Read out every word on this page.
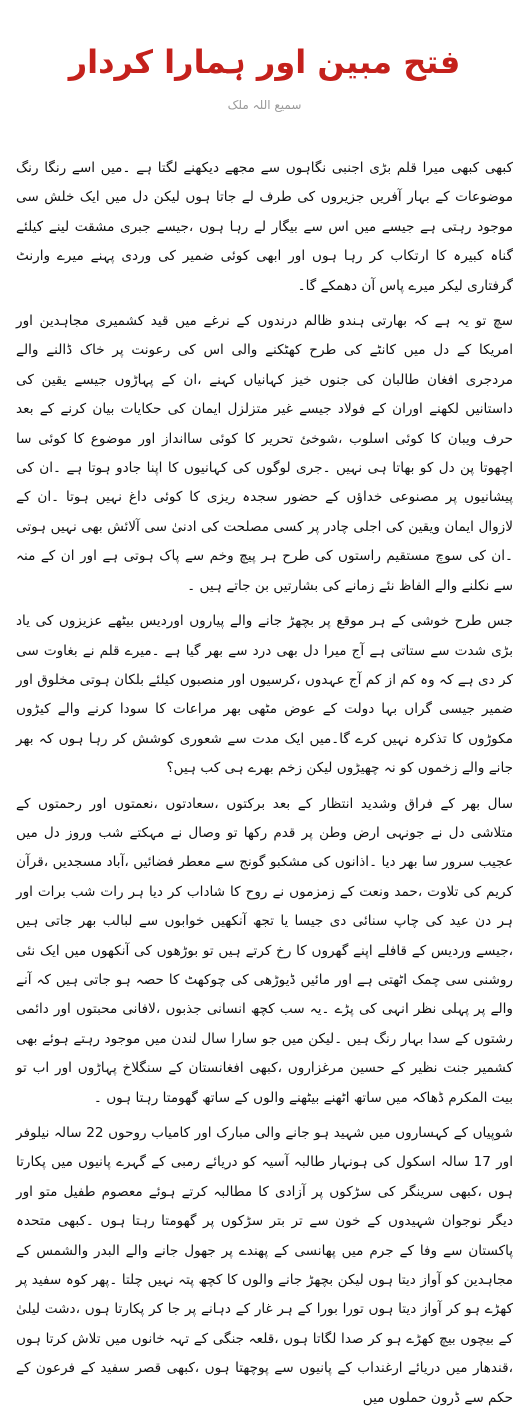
فتح مبین اور ہمارا کردار
سمیع اللہ ملک

کبھی کبھی میرا قلم بڑی اجنبی نگاہوں سے مجھے دیکھنے لگتا ہے ۔میں اسے رنگا رنگ موضوعات کے بہار آفریں جزیروں کی طرف لے جاتا ہوں لیکن دل میں ایک خلش سی موجود رہتی ہے جیسے میں اس سے بیگار لے رہا ہوں ،جیسے جبری مشقت لینے کیلئے گناہ کبیرہ کا ارتکاب کر رہا ہوں اور ابھی کوئی ضمیر کی وردی پہنے میرے وارنٹ گرفتاری لیکر میرے پاس آن دھمکے گا۔

سچ تو یہ ہے کہ بھارتی ہندو ظالم درندوں کے نرغے میں قید کشمیری مجاہدین اور امریکا کے دل میں کانٹے کی طرح کھٹکنے والی اس کی رعونت پر خاک ڈالنے والے مردجری افغان طالبان کی جنوں خیز کہانیاں کہنے ،ان کے پہاڑوں جیسے یقین کی داستانیں لکھنے اوران کے فولاد جیسے غیر متزلزل ایمان کی حکایات بیان کرنے کے بعد حرف ویبان کا کوئی اسلوب ،شوخئ تحریر کا کوئی ساانداز اور موضوع کا کوئی سا اچھوتا پن دل کو بھاتا ہی نہیں ۔جری لوگوں کی کہانیوں کا اپنا جادو ہوتا ہے ۔ان کی پیشانیوں پر مصنوعی خداؤں کے حضور سجدہ ریزی کا کوئی داغ نہیں ہوتا ۔ان کے لازوال ایمان ویقین کی اجلی چادر پر کسی مصلحت کی ادنیٰ سی آلائش بھی نہیں ہوتی ۔ان کی سوچ مستقیم راستوں کی طرح ہر پیچ وخم سے پاک ہوتی ہے اور ان کے منہ سے نکلنے والے الفاظ نئے زمانے کی بشارتیں بن جاتے ہیں ۔

جس طرح خوشی کے ہر موقع پر بچھڑ جانے والے پیاروں اوردیس بیٹھے عزیزوں کی یاد بڑی شدت سے ستاتی ہے آج میرا دل بھی درد سے بھر گیا ہے ۔میرے قلم نے بغاوت سی کر دی ہے کہ وہ کم از کم آج عہدوں ،کرسیوں اور منصبوں کیلئے بلکان ہوتی مخلوق اور ضمیر جیسی گراں بہا دولت کے عوض مٹھی بھر مراعات کا سودا کرنے والے کیڑوں مکوڑوں کا تذکرہ نہیں کرے گا۔میں ایک مدت سے شعوری کوشش کر رہا ہوں کہ بھر جانے والے زخموں کو نہ چھیڑوں لیکن زخم بھرے ہی کب ہیں؟

سال بھر کے فراق وشدید انتظار کے بعد برکتوں ،سعادتوں ،نعمتوں اور رحمتوں کے متلاشی دل نے جونہی ارض وطن پر قدم رکھا تو وصال نے مہکتے شب وروز دل میں عجیب سرور سا بھر دیا ۔اذانوں کی مشکبو گونج سے معطر فضائیں ،آباد مسجدیں ،قرآن کریم کی تلاوت ،حمد ونعت کے زمزموں نے روح کا شاداب کر دیا ہر رات شب برات اور ہر دن عید کی چاپ سنائی دی جیسا یا تجھ آنکھیں خوابوں سے لبالب بھر جاتی ہیں ،جیسے وردیس کے قافلے اپنے گھروں کا رخ کرتے ہیں تو بوڑھوں کی آنکھوں میں ایک نئی روشنی سی چمک اٹھتی ہے اور مائیں ڈیوڑھی کی چوکھٹ کا حصہ ہو جاتی ہیں کہ آنے والے پر پہلی نظر انہی کی پڑے ۔یہ سب کچھ انسانی جذبوں ،لافانی محبتوں اور دائمی رشتوں کے سدا بہار رنگ ہیں ۔لیکن میں جو سارا سال لندن میں موجود رہتے ہوئے بھی کشمیر جنت نظیر کے حسین مرغزاروں ،کبھی افغانستان کے سنگلاخ پہاڑوں اور اب تو بیت المکرم ڈھاکہ میں ساتھ اٹھنے بیٹھنے والوں کے ساتھ گھومتا رہتا ہوں ۔

شوپیاں کے کہساروں میں شہید ہو جانے والی مبارک اور کامیاب روحوں 22 سالہ نیلوفر اور 17 سالہ اسکول کی ہونہار طالبہ آسیہ کو دریائے رمبی کے گہرے پانیوں میں پکارتا ہوں ،کبھی سرینگر کی سڑکوں پر آزادی کا مطالبہ کرتے ہوئے معصوم طفیل متو اور دیگر نوجوان شہیدوں کے خون سے تر بتر سڑکوں پر گھومتا رہتا ہوں ۔کبھی متحدہ پاکستان سے وفا کے جرم میں پھانسی کے پھندے پر جھول جانے والے البدر والشمس کے مجاہدین کو آواز دیتا ہوں لیکن بچھڑ جانے والوں کا کچھ پتہ نہیں چلتا ۔پھر کوہ سفید پر کھڑے ہو کر آواز دیتا ہوں تورا بورا کے ہر غار کے دہانے پر جا کر پکارتا ہوں ،دشت لیلیٰ کے بیچوں بیچ کھڑے ہو کر صدا لگاتا ہوں ،قلعہ جنگی کے تہہ خانوں میں تلاش کرتا ہوں ،قندھار میں دریائے ارغنداب کے پانیوں سے پوچھتا ہوں ،کبھی قصر سفید کے فرعون کے حکم سے ڈرون حملوں میں
